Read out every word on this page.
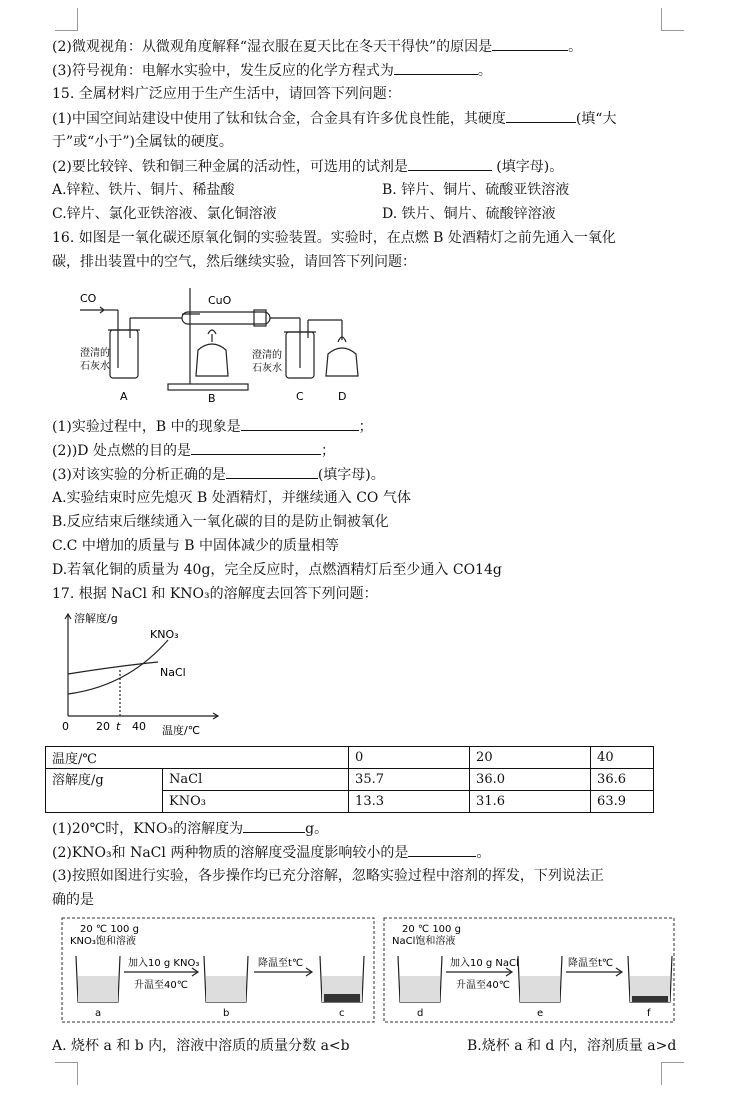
(2)微观视角：从微观角度解释“湿衣服在夏天比在冬天干得快”的原因是	。
(3)符号视角：电解水实验中，发生反应的化学方程式为	。
15. 全属材料广泛应用于生产生活中，请回答下列问题：
(1)中国空间站建设中使用了钛和钛合金，合金具有许多优良性能，其硬度	(填“大
于”或“小于”)全属钛的硬度。
(2)要比较锌、铁和铜三种金属的活动性，可选用的试剂是	(填字母)。
A.锌粒、铁片、铜片、稀盐酸	B. 锌片、铜片、硫酸亚铁溶液
C.锌片、氯化亚铁溶液、氯化铜溶液	D. 铁片、铜片、硫酸锌溶液
16. 如图是一氧化碳还原氧化铜的实验装置。实验时，在点燃 B 处酒精灯之前先通入一氧化
碳，排出装置中的空气，然后继续实验，请回答下列问题：
CO	CuO
澄清的
石灰水
澄清的
石灰水
A	B	C	D
(1)实验过程中，B 中的现象是	；
(2))D 处点燃的目的是	；
(3)对该实验的分析正确的是	(填字母)。
A.实验结束时应先熄灭 B 处酒精灯，并继续通入 CO 气体
B.反应结束后继续通入一氧化碳的目的是防止铜被氧化
C.C 中增加的质量与 B 中固体减少的质量相等
D.若氧化铜的质量为 40g，完全反应时，点燃酒精灯后至少通入 CO14g
17. 根据 NaCl 和 KNO₃的溶解度去回答下列问题：
溶解度/g
KNO₃
NaCl
0 20 t 40 温度/℃
温度/℃		0	20	40
溶解度/g	NaCl	35.7	36.0	36.6
	KNO₃	13.3	31.6	63.9
(1)20℃时，KNO₃的溶解度为	g。
(2)KNO₃和 NaCl 两种物质的溶解度受温度影响较小的是	。
(3)按照如图进行实验，各步操作均已充分溶解，忽略实验过程中溶剂的挥发，下列说法正
确的是
20 ℃ 100 g
KNO₃饱和溶液
20 ℃ 100 g
NaCl饱和溶液
加入10 g KNO₃
升温至40℃
降温至t℃	加入10 g NaCl
升温至40℃
降温至t℃
a	b	c	d	e	f
A. 烧杯 a 和 b 内，溶液中溶质的质量分数 a<b	B.烧杯 a 和 d 内，溶剂质量 a>d
